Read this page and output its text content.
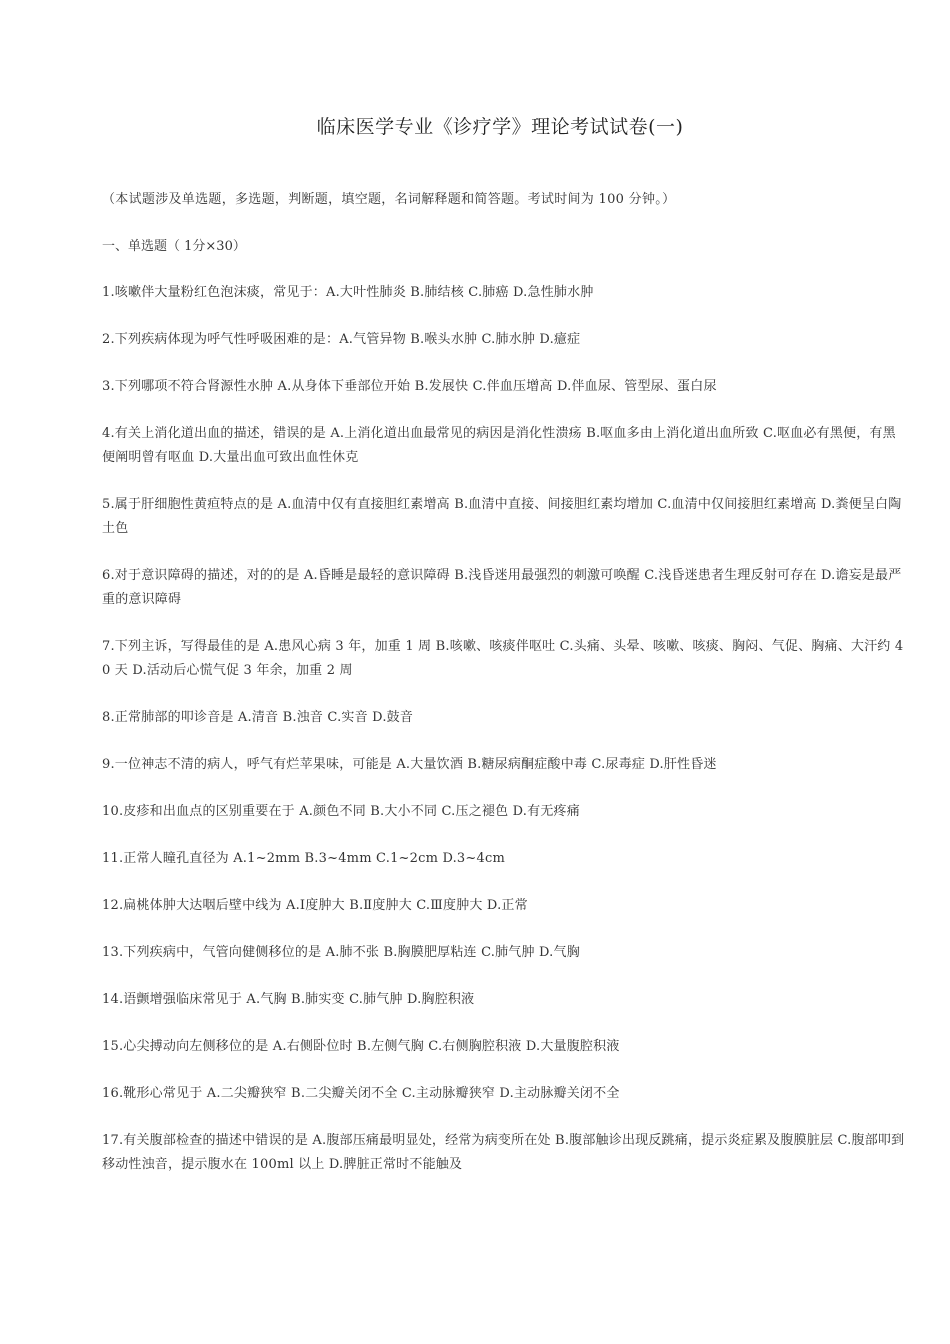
临床医学专业《诊疗学》理论考试试卷(一)
（本试题涉及单选题，多选题，判断题，填空题，名词解释题和简答题。考试时间为 100 分钟。）
一、单选题（ 1分×30）
1.咳嗽伴大量粉红色泡沫痰，常见于：A.大叶性肺炎 B.肺结核 C.肺癌 D.急性肺水肿
2.下列疾病体现为呼气性呼吸困难的是：A.气管异物 B.喉头水肿 C.肺水肿 D.癔症
3.下列哪项不符合肾源性水肿 A.从身体下垂部位开始 B.发展快 C.伴血压增高 D.伴血尿、管型尿、蛋白尿
4.有关上消化道出血的描述，错误的是 A.上消化道出血最常见的病因是消化性溃疡 B.呕血多由上消化道出血所致 C.呕血必有黑便，有黑便阐明曾有呕血 D.大量出血可致出血性休克
5.属于肝细胞性黄疸特点的是 A.血清中仅有直接胆红素增高 B.血清中直接、间接胆红素均增加 C.血清中仅间接胆红素增高 D.粪便呈白陶土色
6.对于意识障碍的描述，对的的是 A.昏睡是最轻的意识障碍 B.浅昏迷用最强烈的刺激可唤醒 C.浅昏迷患者生理反射可存在 D.谵妄是最严重的意识障碍
7.下列主诉，写得最佳的是 A.患风心病 3 年，加重 1 周 B.咳嗽、咳痰伴呕吐 C.头痛、头晕、咳嗽、咳痰、胸闷、气促、胸痛、大汗约 40 天 D.活动后心慌气促 3 年余，加重 2 周
8.正常肺部的叩诊音是 A.清音 B.浊音 C.实音 D.鼓音
9.一位神志不清的病人，呼气有烂苹果味，可能是 A.大量饮酒 B.糖尿病酮症酸中毒 C.尿毒症 D.肝性昏迷
10.皮疹和出血点的区别重要在于 A.颜色不同 B.大小不同 C.压之褪色 D.有无疼痛
11.正常人瞳孔直径为 A.1~2mm B.3~4mm C.1~2cm D.3~4cm
12.扁桃体肿大达咽后壁中线为 A.Ⅰ度肿大 B.Ⅱ度肿大 C.Ⅲ度肿大 D.正常
13.下列疾病中，气管向健侧移位的是 A.肺不张 B.胸膜肥厚粘连 C.肺气肿 D.气胸
14.语颤增强临床常见于 A.气胸 B.肺实变 C.肺气肿 D.胸腔积液
15.心尖搏动向左侧移位的是 A.右侧卧位时 B.左侧气胸 C.右侧胸腔积液 D.大量腹腔积液
16.靴形心常见于 A.二尖瓣狭窄 B.二尖瓣关闭不全 C.主动脉瓣狭窄 D.主动脉瓣关闭不全
17.有关腹部检查的描述中错误的是 A.腹部压痛最明显处，经常为病变所在处 B.腹部触诊出现反跳痛，提示炎症累及腹膜脏层 C.腹部叩到移动性浊音，提示腹水在 100ml 以上 D.脾脏正常时不能触及
